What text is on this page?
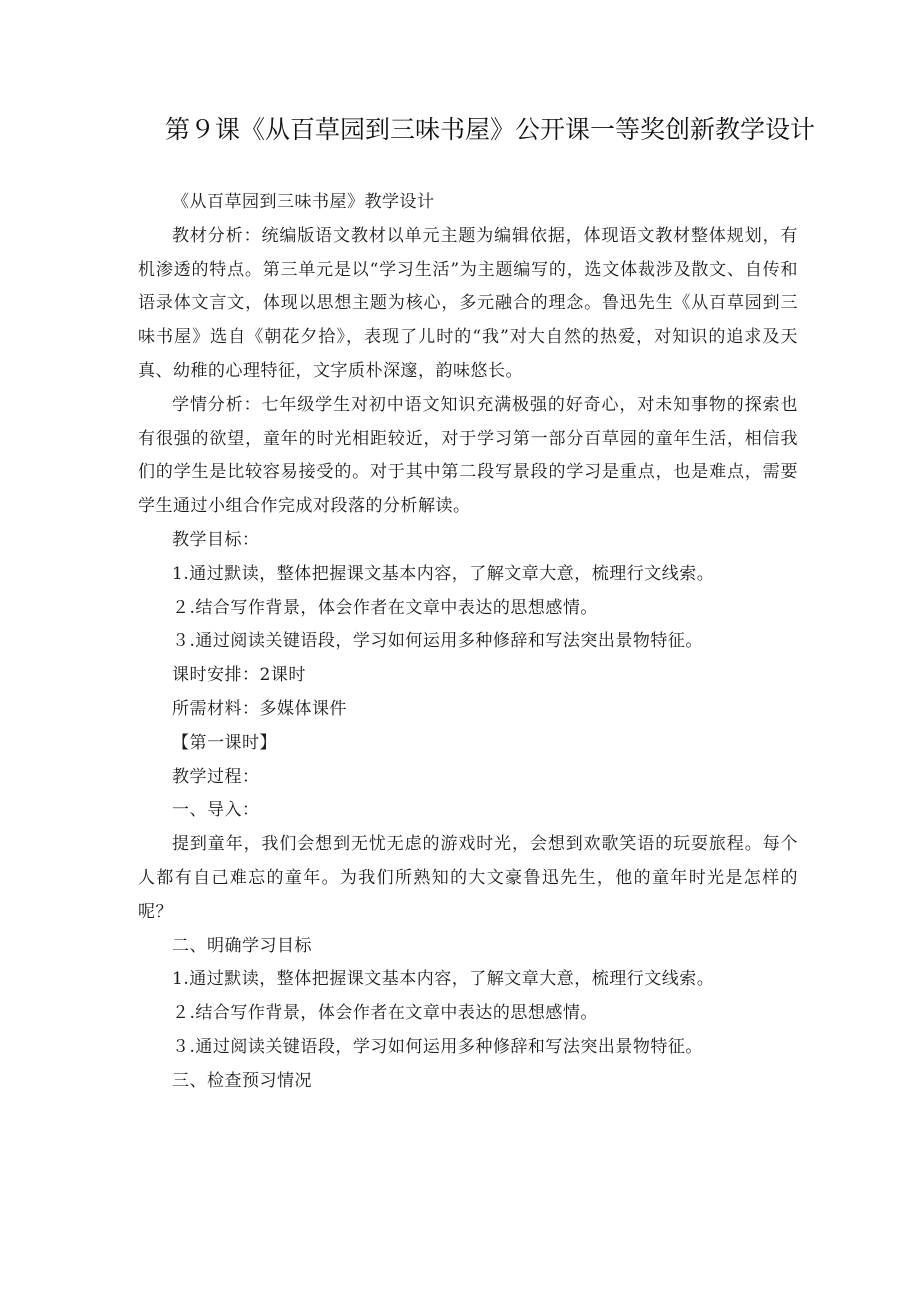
第９课《从百草园到三味书屋》公开课一等奖创新教学设计

《从百草园到三味书屋》教学设计

教材分析：统编版语文教材以单元主题为编辑依据，体现语文教材整体规划，有机渗透的特点。第三单元是以“学习生活”为主题编写的，选文体裁涉及散文、自传和语录体文言文，体现以思想主题为核心，多元融合的理念。鲁迅先生《从百草园到三味书屋》选自《朝花夕拾》，表现了儿时的“我”对大自然的热爱，对知识的追求及天真、幼稚的心理特征，文字质朴深邃，韵味悠长。

学情分析：七年级学生对初中语文知识充满极强的好奇心，对未知事物的探索也有很强的欲望，童年的时光相距较近，对于学习第一部分百草园的童年生活，相信我们的学生是比较容易接受的。对于其中第二段写景段的学习是重点，也是难点，需要学生通过小组合作完成对段落的分析解读。

教学目标：

1.通过默读，整体把握课文基本内容，了解文章大意，梳理行文线索。

２.结合写作背景，体会作者在文章中表达的思想感情。

３.通过阅读关键语段，学习如何运用多种修辞和写法突出景物特征。

课时安排：2课时

所需材料：多媒体课件

【第一课时】

教学过程：

一、导入：

提到童年，我们会想到无忧无虑的游戏时光，会想到欢歌笑语的玩耍旅程。每个人都有自己难忘的童年。为我们所熟知的大文豪鲁迅先生，他的童年时光是怎样的呢？

二、明确学习目标

1.通过默读，整体把握课文基本内容，了解文章大意，梳理行文线索。

２.结合写作背景，体会作者在文章中表达的思想感情。

３.通过阅读关键语段，学习如何运用多种修辞和写法突出景物特征。

三、检查预习情况
